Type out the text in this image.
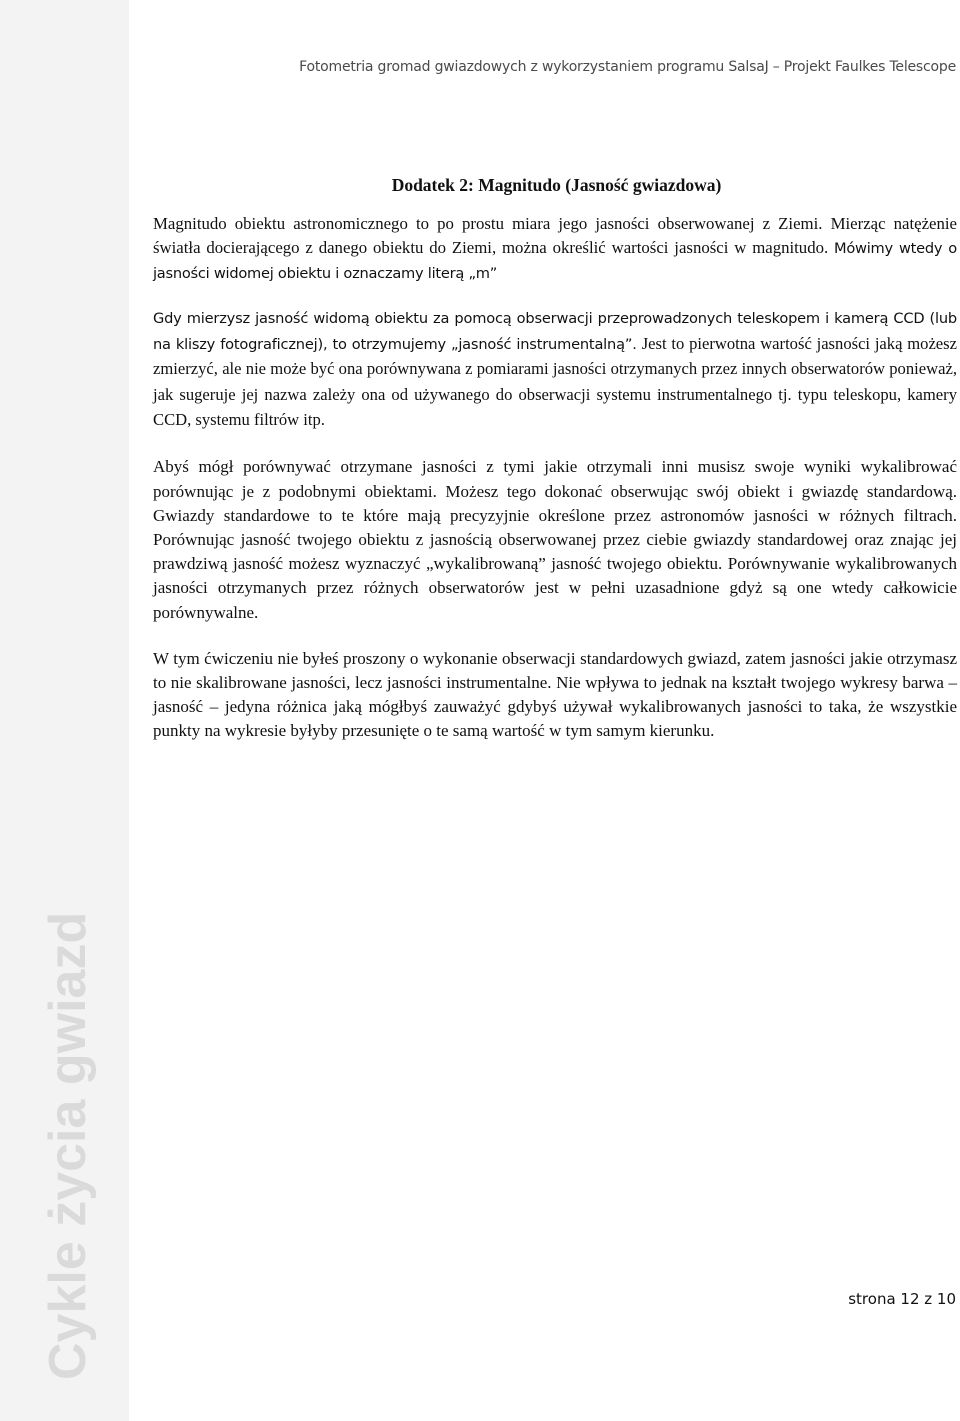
Cykle życia gwiazd
Fotometria gromad gwiazdowych z wykorzystaniem programu SalsaJ – Projekt Faulkes Telescope
Dodatek 2: Magnitudo (Jasność gwiazdowa)

Magnitudo obiektu astronomicznego to po prostu miara jego jasności obserwowanej z Ziemi. Mierząc natężenie światła docierającego z danego obiektu do Ziemi, można określić wartości jasności w magnitudo. Mówimy wtedy o jasności widomej obiektu i oznaczamy literą „m”

Gdy mierzysz jasność widomą obiektu za pomocą obserwacji przeprowadzonych teleskopem i kamerą CCD (lub na kliszy fotograficznej), to otrzymujemy „jasność instrumentalną”. Jest to pierwotna wartość jasności jaką możesz zmierzyć, ale nie może być ona porównywana z pomiarami jasności otrzymanych przez innych obserwatorów ponieważ, jak sugeruje jej nazwa zależy ona od używanego do obserwacji systemu instrumentalnego tj. typu teleskopu, kamery CCD, systemu filtrów itp.

Abyś mógł porównywać otrzymane jasności z tymi jakie otrzymali inni musisz swoje wyniki wykalibrować porównując je z podobnymi obiektami. Możesz tego dokonać obserwując swój obiekt i gwiazdę standardową. Gwiazdy standardowe to te które mają precyzyjnie określone przez astronomów jasności w różnych filtrach. Porównując jasność twojego obiektu z jasnością obserwowanej przez ciebie gwiazdy standardowej oraz znając jej prawdziwą jasność możesz wyznaczyć „wykalibrowaną” jasność twojego obiektu. Porównywanie wykalibrowanych jasności otrzymanych przez różnych obserwatorów jest w pełni uzasadnione gdyż są one wtedy całkowicie porównywalne.

W tym ćwiczeniu nie byłeś proszony o wykonanie obserwacji standardowych gwiazd, zatem jasności jakie otrzymasz to nie skalibrowane jasności, lecz jasności instrumentalne. Nie wpływa to jednak na kształt twojego wykresy barwa – jasność – jedyna różnica jaką mógłbyś zauważyć gdybyś używał wykalibrowanych jasności to taka, że wszystkie punkty na wykresie byłyby przesunięte o te samą wartość w tym samym kierunku.

strona 12 z 10
